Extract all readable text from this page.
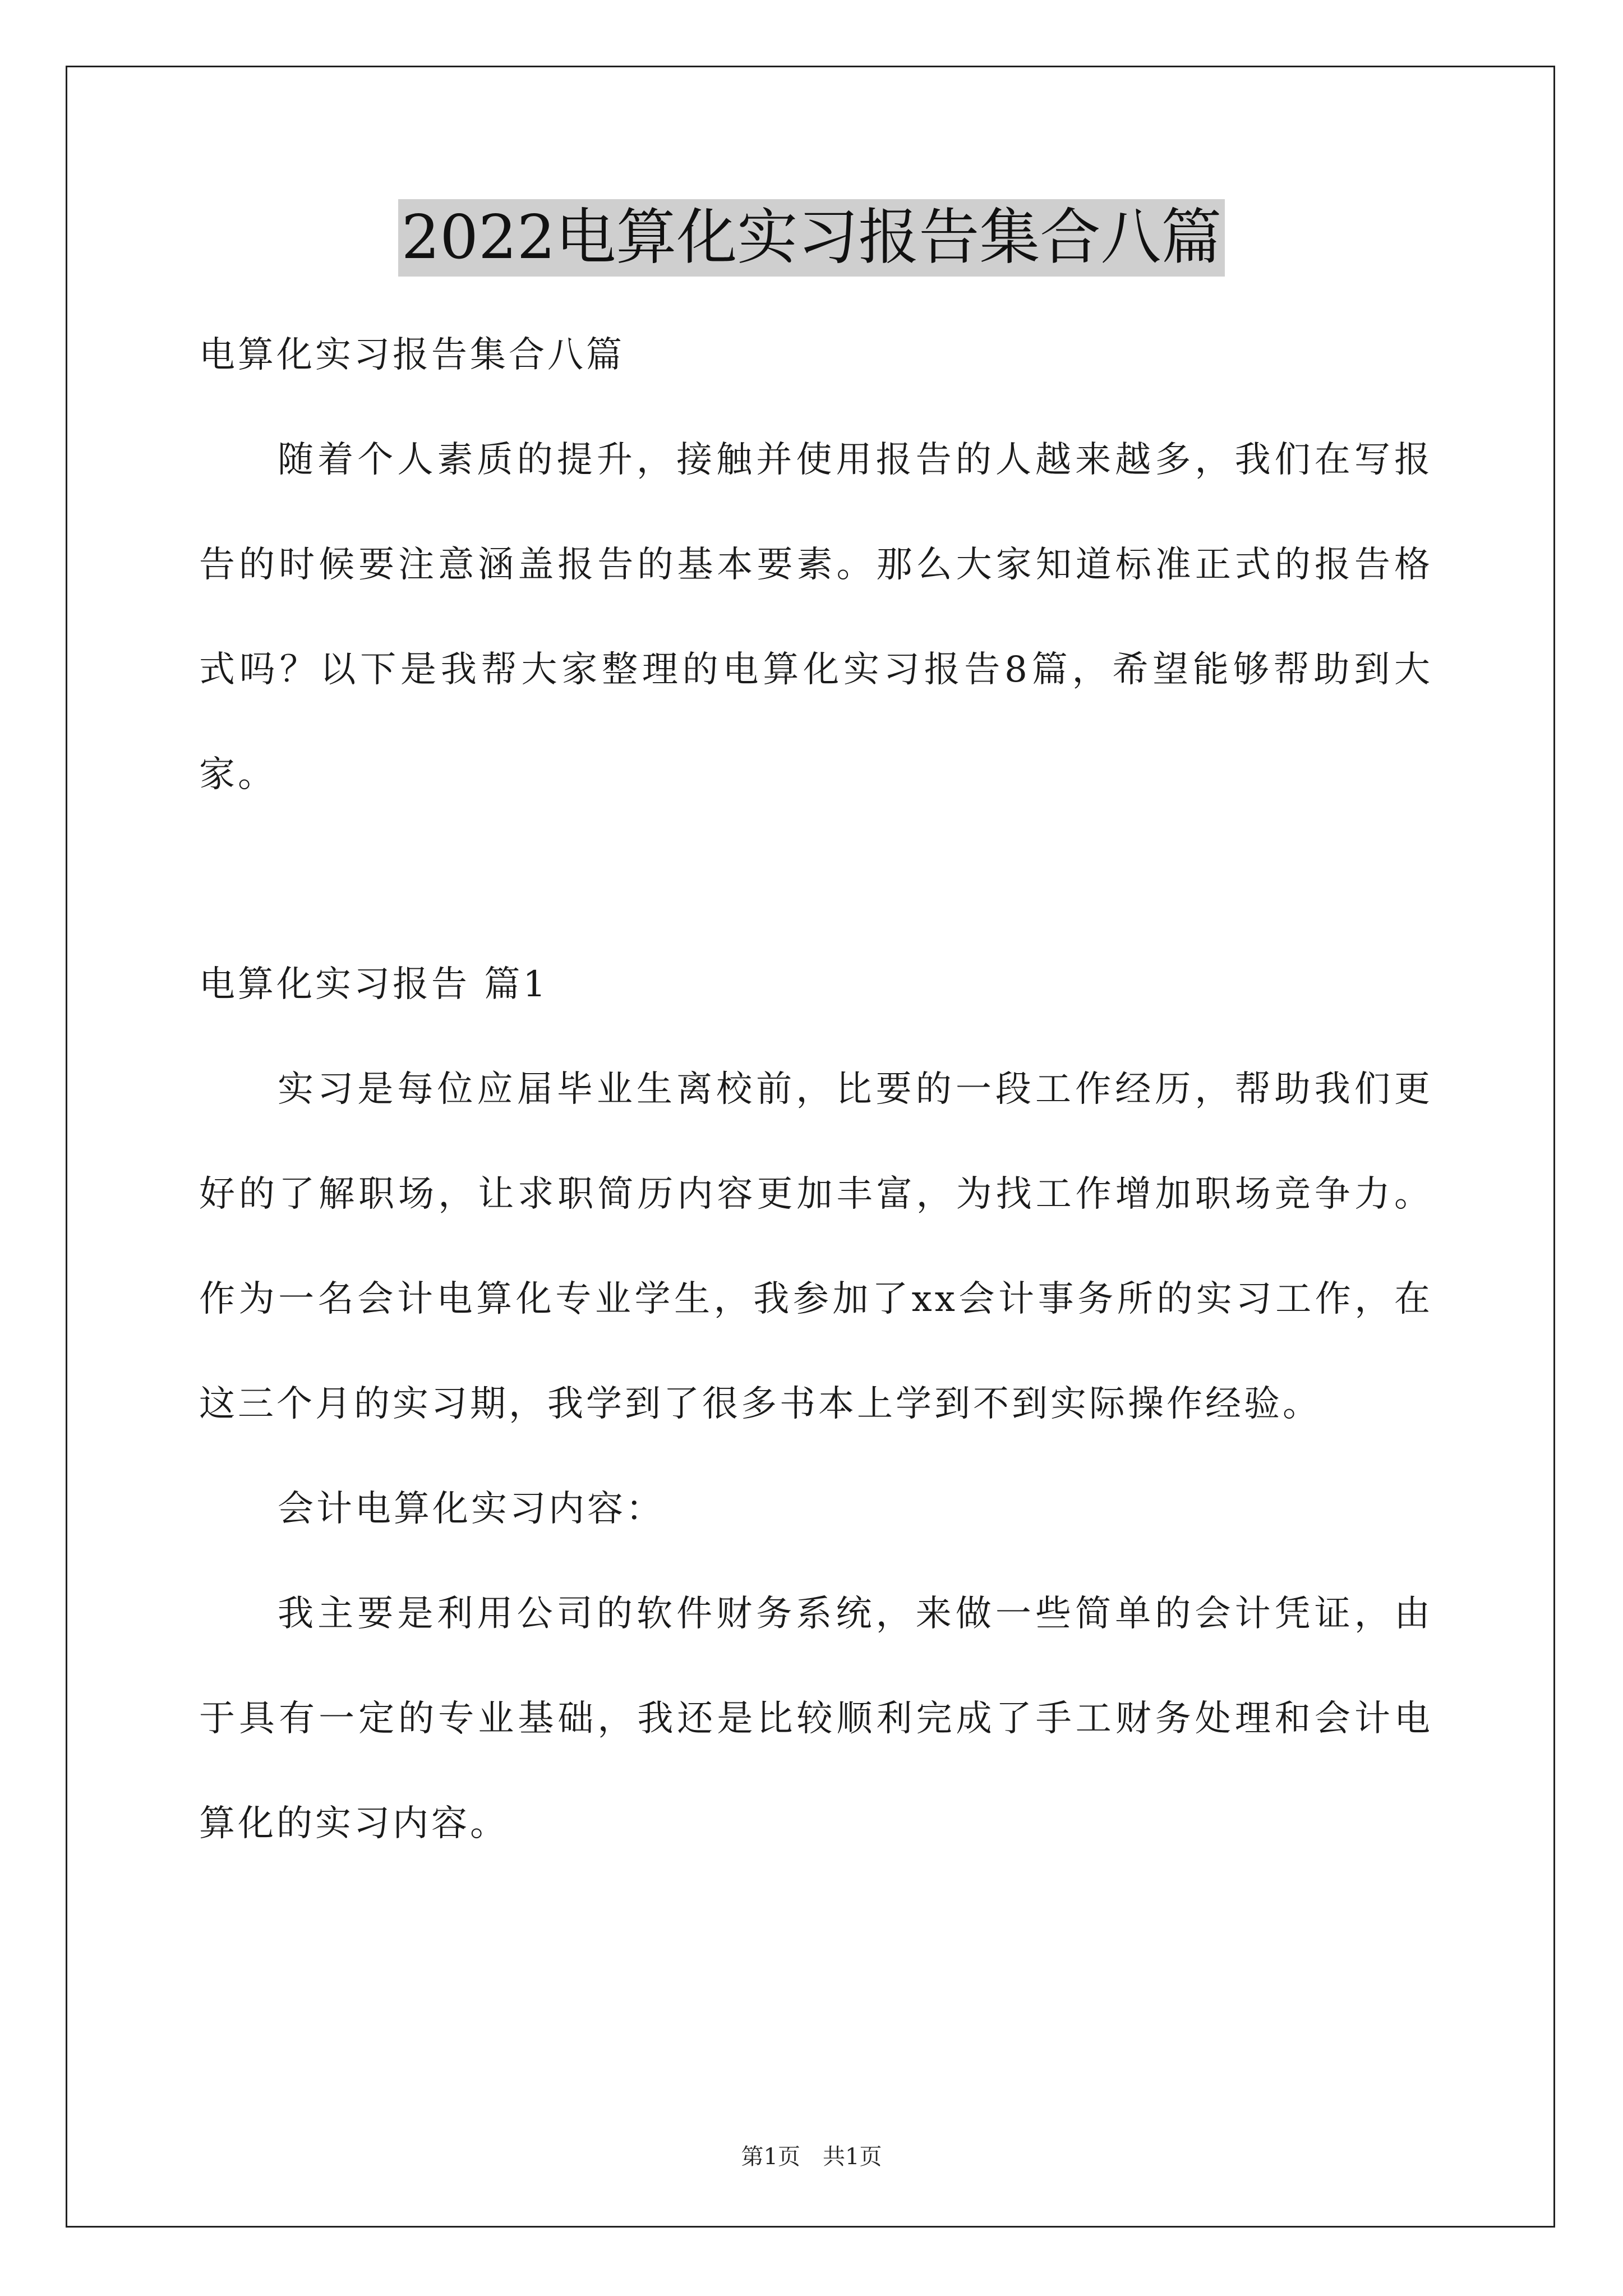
2022电算化实习报告集合八篇

电算化实习报告集合八篇

随着个人素质的提升，接触并使用报告的人越来越多，我们在写报告的时候要注意涵盖报告的基本要素。那么大家知道标准正式的报告格式吗？以下是我帮大家整理的电算化实习报告8篇，希望能够帮助到大家。

电算化实习报告 篇1

实习是每位应届毕业生离校前，比要的一段工作经历，帮助我们更好的了解职场，让求职简历内容更加丰富，为找工作增加职场竞争力。作为一名会计电算化专业学生，我参加了xx会计事务所的实习工作，在这三个月的实习期，我学到了很多书本上学到不到实际操作经验。

会计电算化实习内容：

我主要是利用公司的软件财务系统，来做一些简单的会计凭证，由于具有一定的专业基础，我还是比较顺利完成了手工财务处理和会计电算化的实习内容。

第1页　共1页
